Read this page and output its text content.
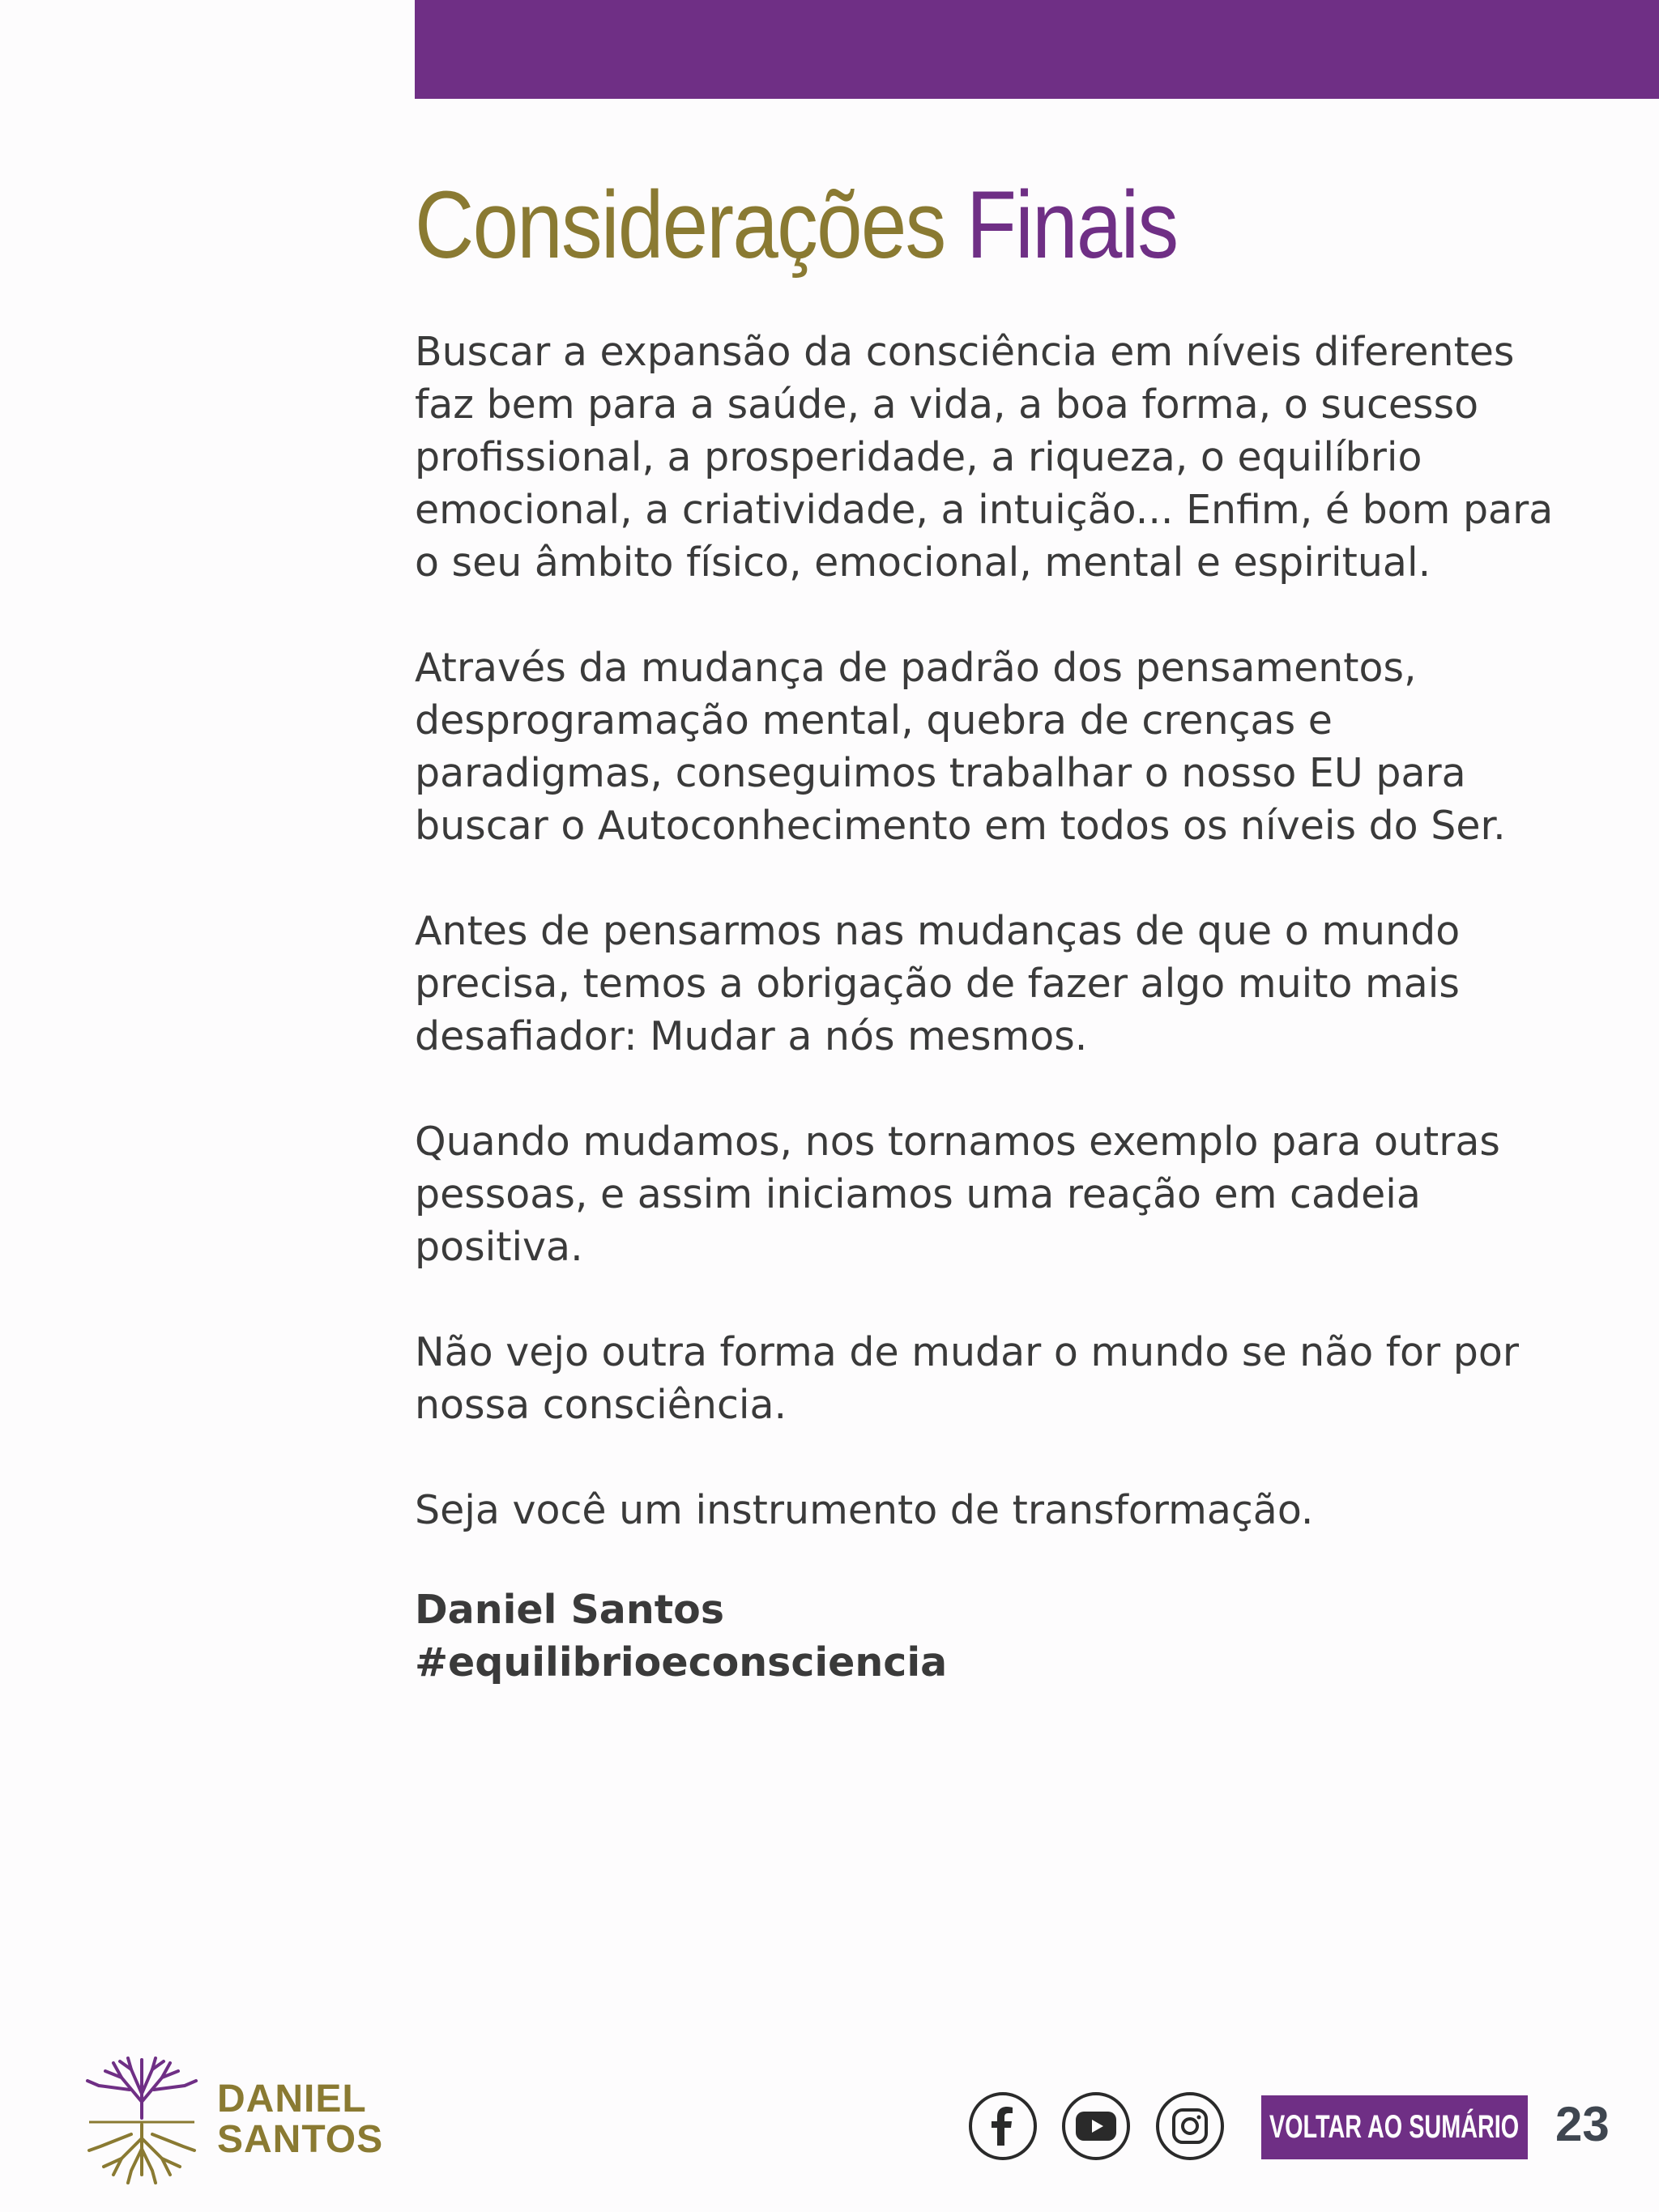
Considerações Finais

Buscar a expansão da consciência em níveis diferentes
faz bem para a saúde, a vida, a boa forma, o sucesso
profissional, a prosperidade, a riqueza, o equilíbrio
emocional, a criatividade, a intuição... Enfim, é bom para
o seu âmbito físico, emocional, mental e espiritual.

Através da mudança de padrão dos pensamentos,
desprogramação mental, quebra de crenças e
paradigmas, conseguimos trabalhar o nosso EU para
buscar o Autoconhecimento em todos os níveis do Ser.

Antes de pensarmos nas mudanças de que o mundo
precisa, temos a obrigação de fazer algo muito mais
desafiador: Mudar a nós mesmos.

Quando mudamos, nos tornamos exemplo para outras
pessoas, e assim iniciamos uma reação em cadeia
positiva.

Não vejo outra forma de mudar o mundo se não for por
nossa consciência.

Seja você um instrumento de transformação.

Daniel Santos
#equilibrioeconsciencia
DANIEL
SANTOS	VOLTAR AO SUMÁRIO 23
